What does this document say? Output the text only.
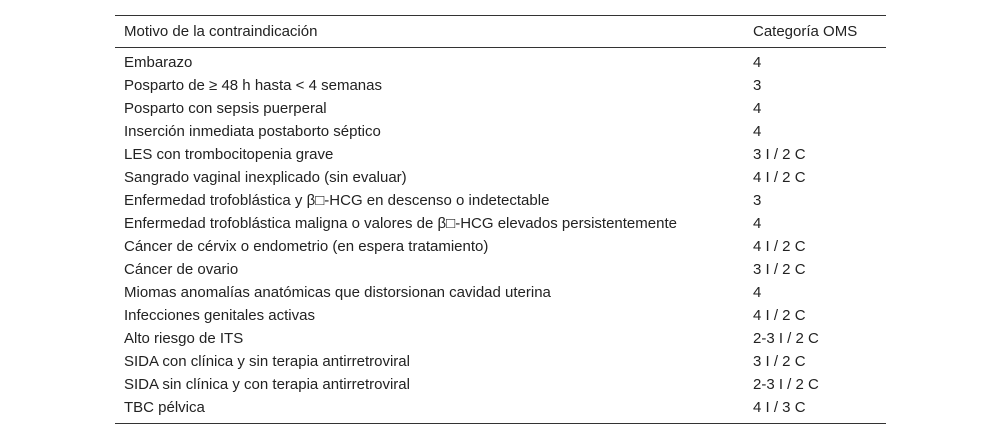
Motivo de la contraindicación	Categoría OMS
Embarazo	4
Posparto de ≥ 48 h hasta < 4 semanas	3
Posparto con sepsis puerperal	4
Inserción inmediata postaborto séptico	4
LES con trombocitopenia grave	3 I / 2 C
Sangrado vaginal inexplicado (sin evaluar)	4 I / 2 C
Enfermedad trofoblástica y β□-HCG en descenso o indetectable	3
Enfermedad trofoblástica maligna o valores de β□-HCG elevados persistentemente	4
Cáncer de cérvix o endometrio (en espera tratamiento)	4 I / 2 C
Cáncer de ovario	3 I / 2 C
Miomas anomalías anatómicas que distorsionan cavidad uterina	4
Infecciones genitales activas	4 I / 2 C
Alto riesgo de ITS	2-3 I / 2 C
SIDA con clínica y sin terapia antirretroviral	3 I / 2 C
SIDA sin clínica y con terapia antirretroviral	2-3 I / 2 C
TBC pélvica	4 I / 3 C
